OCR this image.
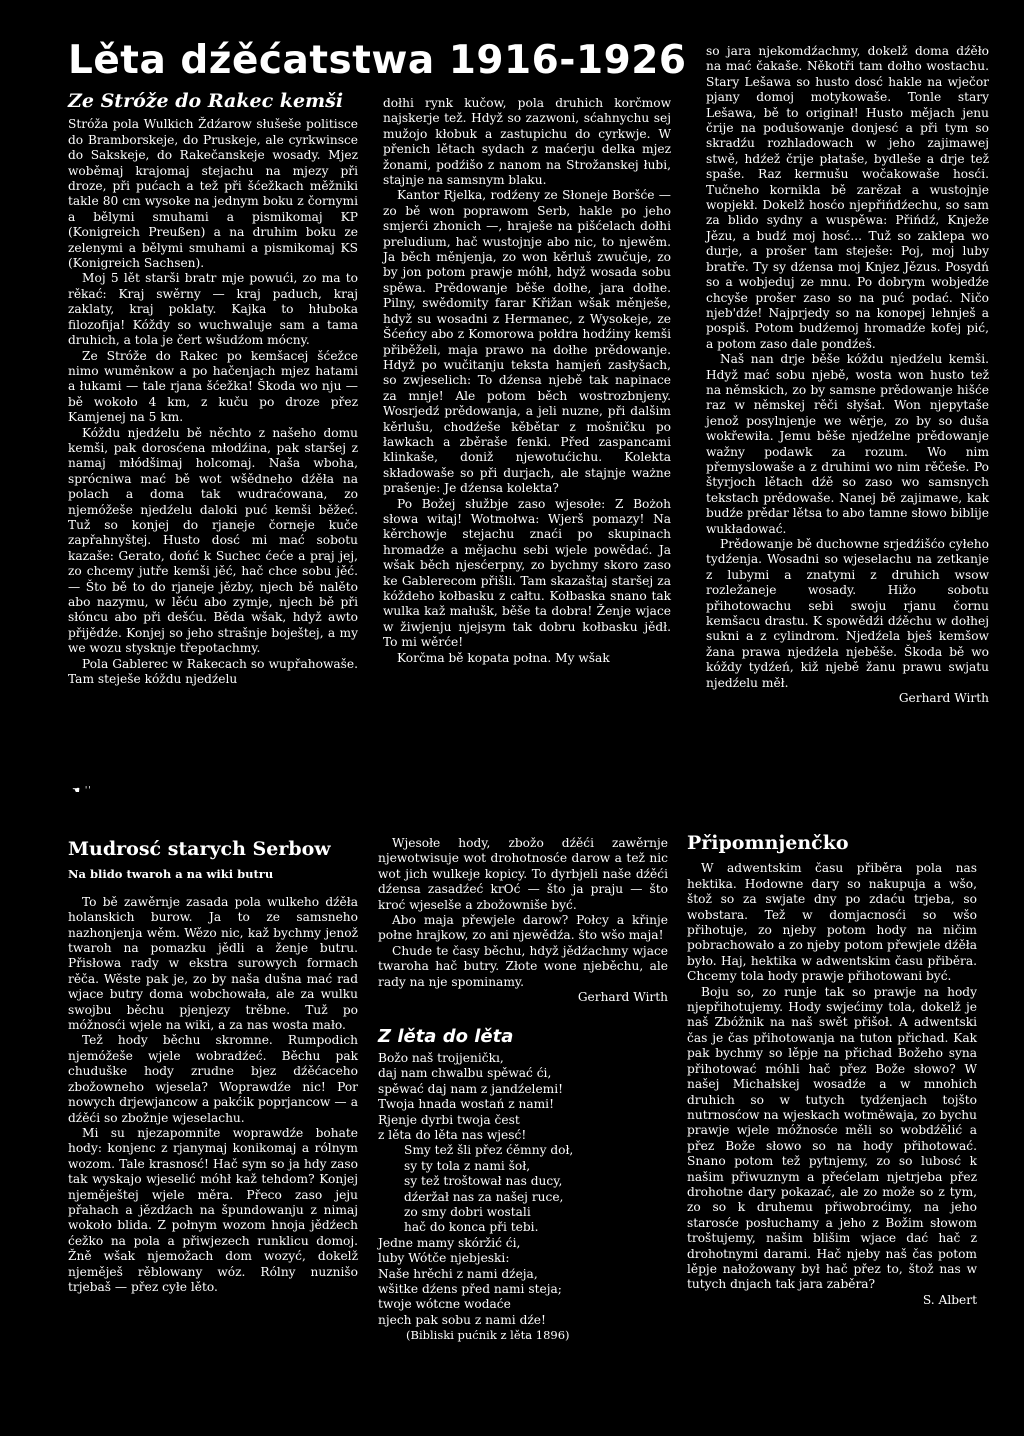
Lěta dźěćatstwa 1916-1926
Ze Stróže do Rakec kemši

Stróža pola Wulkich Ždźarow słušeše politisce do Bramborskeje, do Pruskeje, ale cyrkwinsce do Sakskeje, do Rakečanskeje wosady. Mjez woběmaj krajomaj stejachu na mjezy při droze, při pućach a tež při šćežkach měžniki takle 80 cm wysoke na jednym boku z čornymi a bělymi smuhami a pismikomaj KP (Konigreich Preußen) a na druhim boku ze zelenymi a bělymi smuhami a pismikomaj KS (Konigreich Sachsen).

Moj 5 lět starši bratr mje powući, zo ma to rěkać: Kraj swěrny — kraj paduch, kraj zaklaty, kraj poklaty. Kajka to hłuboka filozofija! Kóždy so wuchwaluje sam a tama druhich, a tola je čert wšudźom mócny.

Ze Stróže do Rakec po kemšacej šćežce nimo wuměnkow a po hačenjach mjez hatami a łukami — tale rjana šćežka! Škoda wo nju — bě wokoło 4 km, z kuču po droze přez Kamjenej na 5 km.

Kóždu njedźelu bě něchto z našeho domu kemši, pak dorosćena młodźina, pak staršej z namaj młódšimaj holcomaj. Naša wboha, sprócniwa mać bě wot wšědneho dźěła na polach a doma tak wudraćowana, zo njemóžeše njedźelu daloki puć kemši běžeć. Tuž so konjej do rjaneje čorneje kuče zapřahnyštej. Husto dosć mi mać sobotu kazaše: Gerato, dońć k Suchec ćeće a praj jej, zo chcemy jutře kemši jěć, hač chce sobu jěć. — Što bě to do rjaneje jězby, njech bě nalěto abo nazymu, w lěću abo zymje, njech bě při słóncu abo při dešću. Běda wšak, hdyž awto přijědźe. Konjej so jeho strašnje boještej, a my we wozu stysknje třepotachmy.

Pola Gablerec w Rakecach so wupřahowaše. Tam steješe kóždu njedźelu

dołhi rynk kučow, pola druhich korčmow najskerje tež. Hdyž so zazwoni, sćahnychu sej mužojo kłobuk a zastupichu do cyrkwje. W přenich lětach sydach z maćerju delka mjez žonami, podźišo z nanom na Strožanskej łubi, stajnje na samsnym blaku.

Kantor Rjelka, rodźeny ze Słoneje Boršće — zo bě won poprawom Serb, hakle po jeho smjerći zhonich —, hraješe na pišćelach dołhi preludium, hač wustojnje abo nic, to njewěm. Ja běch měnjenja, zo won kěrluš zwučuje, zo by jon potom prawje móhł, hdyž wosada sobu spěwa. Prědowanje běše dołhe, jara dołhe. Pilny, swědomity farar Křižan wšak měnješe, hdyž su wosadni z Hermanec, z Wysokeje, ze Šćeńcy abo z Komorowa połdra hodźiny kemši přiběželi, maja prawo na dołhe prědowanje. Hdyž po wučitanju teksta hamjeń zasłyšach, so zwjeselich: To dźensa njebě tak napinace za mnje! Ale potom běch wostrozbnjeny. Wosrjedź prědowanja, a jeli nuzne, při dalšim kěrlušu, chodźeše kěbětar z mošničku po ławkach a zběraše fenki. Před zaspancami klinkaše, doniž njewotućichu. Kolekta składowaše so při durjach, ale stajnje ważne prašenje: Je dźensa kolekta?

Po Božej słužbje zaso wjesołe: Z Bożoh słowa witaj! Wotmołwa: Wjerš pomazy! Na kěrchowje stejachu znaći po skupinach hromadźe a mějachu sebi wjele powědać. Ja wšak běch njesćerpny, zo bychmy skoro zaso ke Gablerecom přišli. Tam skazaštaj staršej za kóždeho kołbasku z całtu. Kołbaska snano tak wulka kaž małušk, běše ta dobra! Ženje wjace w žiwjenju njejsym tak dobru kołbasku jědł. To mi wěrće!

Korčma bě kopata połna. My wšak

so jara njekomdźachmy, dokelž doma dźěło na mać čakaše. Někotři tam dołho wostachu. Stary Lešawa so husto dosć hakle na wječor pjany domoj motykowaše. Tonle stary Lešawa, bě to originał! Husto mějach jenu črije na podušowanje donjesć a při tym so skradźu rozhladowach w jeho zajimawej stwě, hdźež črije płataše, bydleše a drje tež spaše. Raz kermušu wočakowaše hosći. Tučneho kornikla bě zarězał a wustojnje wopjekł. Dokelž hosćo njepřińdźechu, so sam za blido sydny a wuspěwa: Přińdź, Knježe Jězu, a budź moj hosć... Tuž so zaklepa wo durje, a prošer tam steješe: Poj, moj luby bratře. Ty sy dźensa moj Knjez Jězus. Posydń so a wobjeduj ze mnu. Po dobrym wobjedźe chcyše prošer zaso so na puć podać. Ničo njeb'dźe! Najprjedy so na konopej lehnješ a pospiš. Potom budźemoj hromadźe kofej pić, a potom zaso dale pondźeš.

Naš nan drje běše kóždu njedźelu kemši. Hdyž mać sobu njebě, wosta won husto tež na němskich, zo by samsne prědowanje hišće raz w němskej rěči słyšał. Won njepytaše jenož posylnjenje we wěrje, zo by so duša wokřewiła. Jemu běše njedźelne prědowanje wažny podawk za rozum. Wo nim přemyslowaše a z druhimi wo nim rěčeše. Po štyrjoch lětach dźě so zaso wo samsnych tekstach prědowaše. Nanej bě zajimawe, kak budźe prědar lětsa to abo tamne słowo biblije wukładować.

Prědowanje bě duchowne srjedźišćo cyłeho tydźenja. Wosadni so wjeselachu na zetkanje z lubymi a znatymi z druhich wsow rozležaneje wosady. Hižo sobotu přihotowachu sebi swoju rjanu čornu kemšacu drastu. K spowědźi dźěchu w dołhej sukni a z cylindrom. Njedźela bješ kemšow žana prawa njedźela njeběše. Škoda bě wo kóždy tydźeń, kiž njebě žanu prawu swjatu njedźelu měł.

Gerhard Wirth

☚ ''
Mudrosć starych Serbow
Na blido twaroh a na wiki butru

To bě zawěrnje zasada pola wulkeho dźěła holanskich burow. Ja to ze samsneho nazhonjenja wěm. Wězo nic, kaž bychmy jenož twaroh na pomazku jědli a ženje butru. Přisłowa rady w ekstra surowych formach rěča. Wěste pak je, zo by naša dušna mać rad wjace butry doma wobchowała, ale za wulku swojbu běchu pjenjezy trěbne. Tuž po móžnosći wjele na wiki, a za nas wosta mało.

Tež hody běchu skromne. Rumpodich njemóžeše wjele wobradźeć. Běchu pak chuduške hody zrudne bjez dźěćaceho zbožowneho wjesela? Woprawdźe nic! Por nowych drjewjancow a pakćik poprjancow — a dźěći so zbožnje wjeselachu.

Mi su njezapomnite woprawdźe bohate hody: konjenc z rjanymaj konikomaj a rólnym wozom. Tale krasnosć! Hač sym so ja hdy zaso tak wyskajo wjeselić móhł kaž tehdom? Konjej njeměještej wjele měra. Přeco zaso jeju přahach a jězdźach na špundowanju z nimaj wokoło blida. Z połnym wozom hnoja jědźech ćežko na pola a přiwjezech runklicu domoj. Žně wšak njemožach dom wozyć, dokelž njeměješ rěblowany wóz. Rólny nuznišo trjebaš — přez cyłe lěto.

Wjesołe hody, zbožo dźěći zawěrnje njewotwisuje wot drohotnosće darow a tež nic wot jich wulkeje kopicy. To dyrbjeli naše dźěći dźensa zasadźeć krOć — što ja praju — što kroć wjeselše a zbožowniše być.

Abo maja přewjele darow? Połcy a křinje połne hrajkow, zo ani njewědźa. što wšo maja!

Chude te časy běchu, hdyž jědźachmy wjace twaroha hač butry. Złote wone njeběchu, ale rady na nje spominamy.

Gerhard Wirth

Z lěta do lěta

Božo naš trojjeničkı,

daj nam chwalbu spěwać ći,

spěwać daj nam z jandźelemi!

Twoja hnada wostań z nami!

Rjenje dyrbi twoja čest

z lěta do lěta nas wjesć!

Smy tež šli přez ćěmny doł,

sy ty tola z nami šoł,

sy tež troštował nas ducy,

dźeržał nas za našej ruce,

zo smy dobri wostali

hač do konca při tebi.

Jedne mamy skóržić ći,

luby Wótče njebjeski:

Naše hrěchi z nami dźeja,

wšitke dźens před nami steja;

twoje wótcne wodaće

njech pak sobu z nami dźe!

(Bibliski pućnik z lěta 1896)

Připomnjenčko

W adwentskim času přiběra pola nas hektika. Hodowne dary so nakupuja a wšo, štož so za swjate dny po zdaću trjeba, so wobstara. Tež w domjacnosći so wšo přihotuje, zo njeby potom hody na ničim pobrachowało a zo njeby potom přewjele dźěła było. Haj, hektika w adwentskim času přiběra. Chcemy tola hody prawje přihotowani być.

Boju so, zo runje tak so prawje na hody njepřihotujemy. Hody swjećimy tola, dokelž je naš Zbóžnik na naš swět přišoł. A adwentski čas je čas přihotowanja na tuton přichad. Kak pak bychmy so lěpje na přichad Božeho syna přihotować móhli hač přez Bože słowo? W našej Michałskej wosadźe a w mnohich druhich so w tutych tydźenjach tojšto nutrnosćow na wjeskach wotměwaja, zo bychu prawje wjele móžnosće měli so wobdźělić a přez Bože słowo so na hody přihotować. Snano potom tež pytnjemy, zo so lubosć k našim přiwuznym a přećelam njetrjeba přez drohotne dary pokazać, ale zo može so z tym, zo so k druhemu přiwobroćimy, na jeho starosće posłuchamy a jeho z Božim słowom troštujemy, našim blišim wjace dać hač z drohotnymi darami. Hač njeby naš čas potom lěpje nałožowany był hač přez to, štož nas w tutych dnjach tak jara zaběra?

S. Albert
